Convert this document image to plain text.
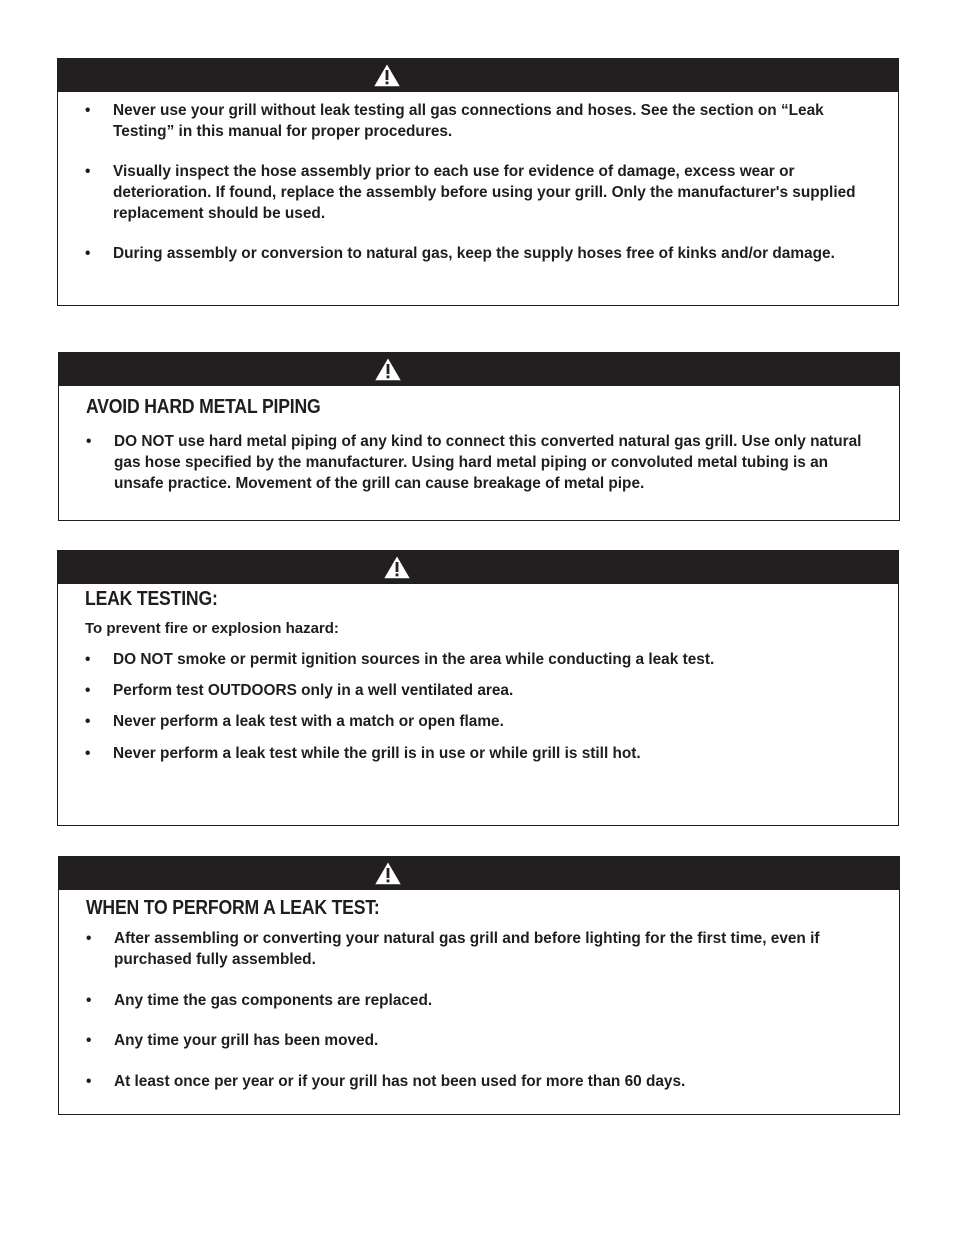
• Never use your grill without leak testing all gas connections and hoses. See the section on “Leak Testing” in this manual for proper procedures.
• Visually inspect the hose assembly prior to each use for evidence of damage, excess wear or deterioration. If found, replace the assembly before using your grill. Only the manufacturer's supplied replacement should be used.
• During assembly or conversion to natural gas, keep the supply hoses free of kinks and/or damage.
AVOID HARD METAL PIPING
• DO NOT use hard metal piping of any kind to connect this converted natural gas grill. Use only natural gas hose specified by the manufacturer. Using hard metal piping or convoluted metal tubing is an unsafe practice. Movement of the grill can cause breakage of metal pipe.
LEAK TESTING:
To prevent fire or explosion hazard:
• DO NOT smoke or permit ignition sources in the area while conducting a leak test.
• Perform test OUTDOORS only in a well ventilated area.
• Never perform a leak test with a match or open flame.
• Never perform a leak test while the grill is in use or while grill is still hot.
WHEN TO PERFORM A LEAK TEST:
• After assembling or converting your natural gas grill and before lighting for the first time, even if purchased fully assembled.
• Any time the gas components are replaced.
• Any time your grill has been moved.
• At least once per year or if your grill has not been used for more than 60 days.
